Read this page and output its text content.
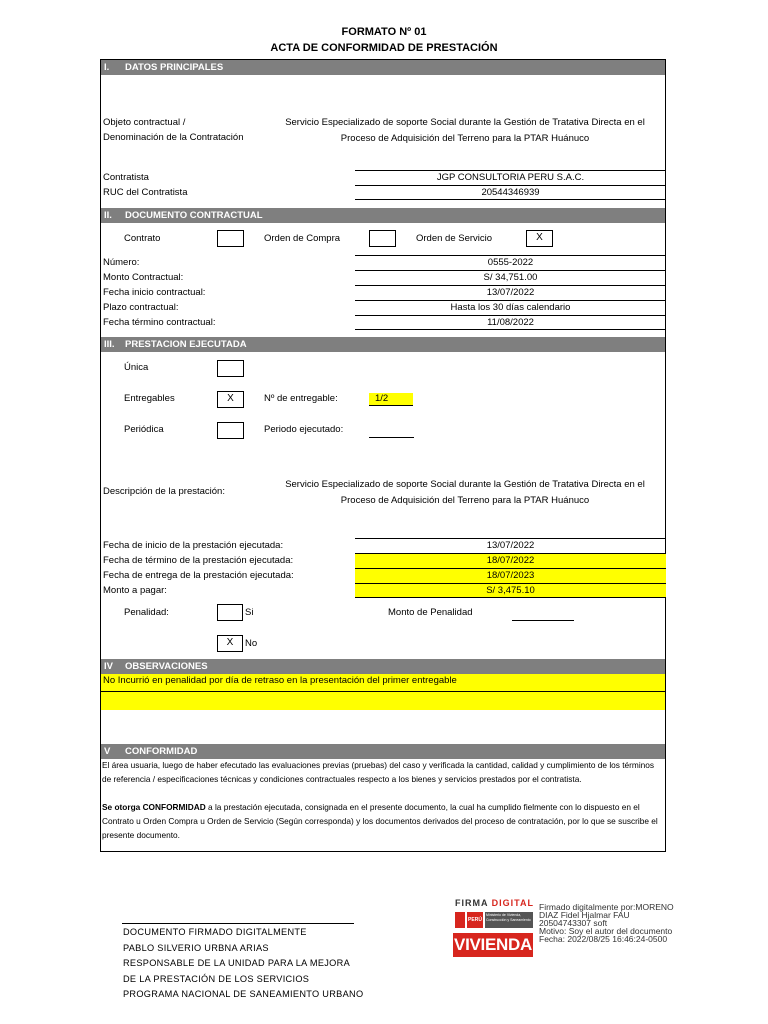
FORMATO Nº 01
ACTA DE CONFORMIDAD DE PRESTACIÓN
I. DATOS PRINCIPALES
Objeto contractual /
Denominación de la Contratación
Servicio Especializado de soporte Social durante la Gestión de Tratativa Directa en el
Proceso de Adquisición del Terreno para la PTAR Huánuco
Contratista	JGP CONSULTORIA PERU S.A.C.
RUC del Contratista	20544346939
II. DOCUMENTO CONTRACTUAL
Contrato	Orden de Compra	Orden de Servicio	X
Número:	0555-2022
Monto Contractual:	S/ 34,751.00
Fecha inicio contractual:	13/07/2022
Plazo contractual:	Hasta los 30 días calendario
Fecha término contractual:	11/08/2022
III. PRESTACION EJECUTADA
Única
Entregables	X	Nº de entregable:	1/2
Periódica	Periodo ejecutado:
Descripción de la prestación:
Servicio Especializado de soporte Social durante la Gestión de Tratativa Directa en el
Proceso de Adquisición del Terreno para la PTAR Huánuco
Fecha de inicio de la prestación ejecutada:	13/07/2022
Fecha de término de la prestación ejecutada:	18/07/2022
Fecha de entrega de la prestación ejecutada:	18/07/2023
Monto a pagar:	S/ 3,475.10
Penalidad:	Si	Monto de Penalidad
X	No
IV OBSERVACIONES
No Incurrió en penalidad por día de retraso en la presentación del primer entregable
V CONFORMIDAD
El área usuaria, luego de haber efecutado las evaluaciones previas (pruebas) del caso y verificada la cantidad, calidad y cumplimiento de los términos de referencia / especificaciones técnicas y condiciones contractuales respecto a los bienes y servicios prestados por el contratista.
Se otorga CONFORMIDAD a la prestación ejecutada, consignada en el presente documento, la cual ha cumplido fielmente con lo dispuesto en el Contrato u Orden Compra u Orden de Servicio (Según corresponda) y los documentos derivados del proceso de contratación, por lo que se suscribe el presente documento.
DOCUMENTO FIRMADO DIGITALMENTE
PABLO SILVERIO URBNA ARIAS
RESPONSABLE DE LA UNIDAD PARA LA MEJORA
DE LA PRESTACIÓN DE LOS SERVICIOS
PROGRAMA NACIONAL DE SANEAMIENTO URBANO
FIRMA DIGITAL
PERÚ
Ministerio de Vivienda, Construcción y Saneamiento
VIVIENDA
Firmado digitalmente por:MORENO
DIAZ Fidel Hjalmar FAU
20504743307 soft
Motivo: Soy el autor del documento
Fecha: 2022/08/25 16:46:24-0500
